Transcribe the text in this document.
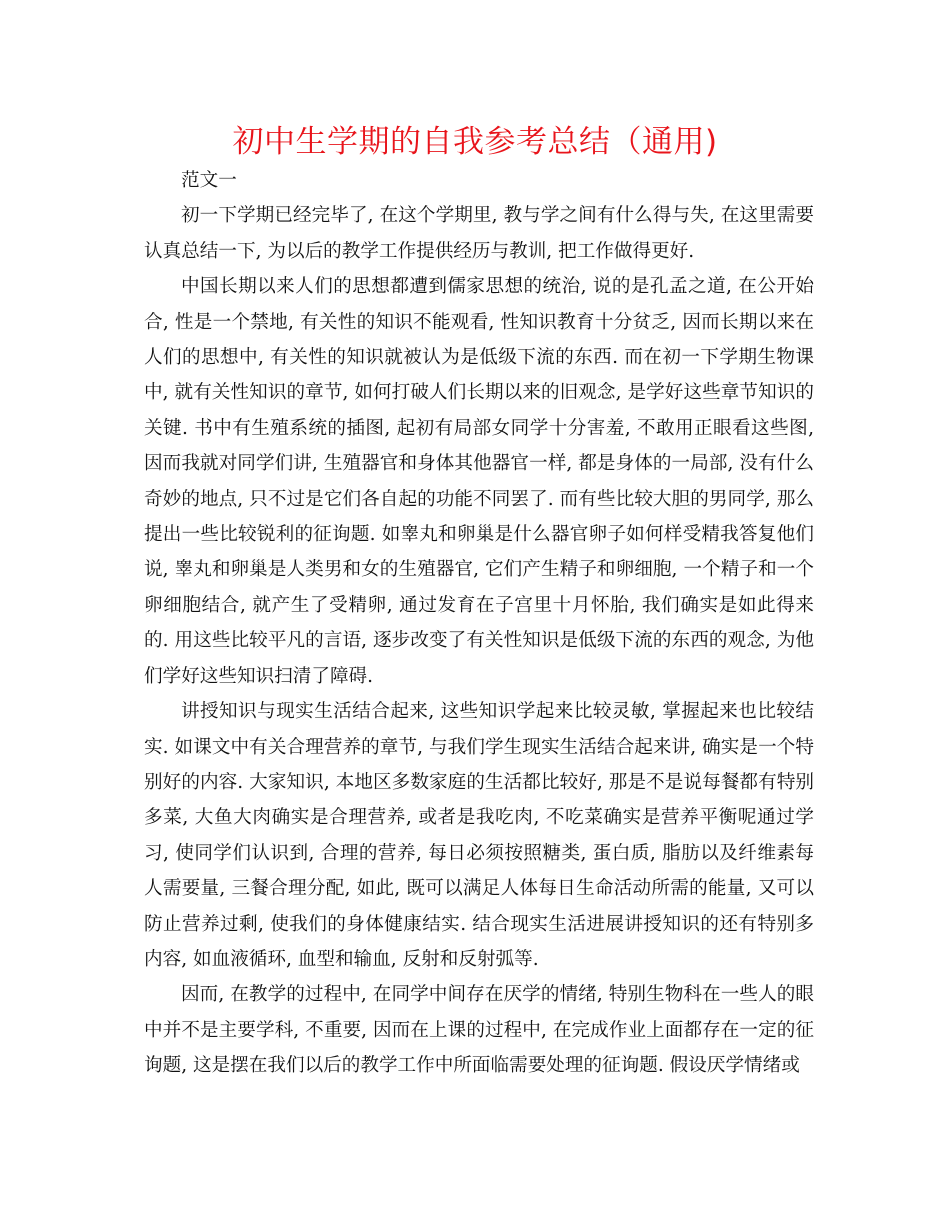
初中生学期的自我参考总结（通用)

范文一

初一下学期已经完毕了, 在这个学期里, 教与学之间有什么得与失, 在这里需要认真总结一下, 为以后的教学工作提供经历与教训, 把工作做得更好.

中国长期以来人们的思想都遭到儒家思想的统治, 说的是孔孟之道, 在公开始合, 性是一个禁地, 有关性的知识不能观看, 性知识教育十分贫乏, 因而长期以来在人们的思想中, 有关性的知识就被认为是低级下流的东西. 而在初一下学期生物课中, 就有关性知识的章节, 如何打破人们长期以来的旧观念, 是学好这些章节知识的关键. 书中有生殖系统的插图, 起初有局部女同学十分害羞, 不敢用正眼看这些图, 因而我就对同学们讲, 生殖器官和身体其他器官一样, 都是身体的一局部, 没有什么奇妙的地点, 只不过是它们各自起的功能不同罢了. 而有些比较大胆的男同学, 那么提出一些比较锐利的征询题. 如睾丸和卵巢是什么器官卵子如何样受精我答复他们说, 睾丸和卵巢是人类男和女的生殖器官, 它们产生精子和卵细胞, 一个精子和一个卵细胞结合, 就产生了受精卵, 通过发育在子宫里十月怀胎, 我们确实是如此得来的. 用这些比较平凡的言语, 逐步改变了有关性知识是低级下流的东西的观念, 为他们学好这些知识扫清了障碍.

讲授知识与现实生活结合起来, 这些知识学起来比较灵敏, 掌握起来也比较结实. 如课文中有关合理营养的章节, 与我们学生现实生活结合起来讲, 确实是一个特别好的内容. 大家知识, 本地区多数家庭的生活都比较好, 那是不是说每餐都有特别多菜, 大鱼大肉确实是合理营养, 或者是我吃肉, 不吃菜确实是营养平衡呢通过学习, 使同学们认识到, 合理的营养, 每日必须按照糖类, 蛋白质, 脂肪以及纤维素每人需要量, 三餐合理分配, 如此, 既可以满足人体每日生命活动所需的能量, 又可以防止营养过剩, 使我们的身体健康结实. 结合现实生活进展讲授知识的还有特别多内容, 如血液循环, 血型和输血, 反射和反射弧等.

因而, 在教学的过程中, 在同学中间存在厌学的情绪, 特别生物科在一些人的眼中并不是主要学科, 不重要, 因而在上课的过程中, 在完成作业上面都存在一定的征询题, 这是摆在我们以后的教学工作中所面临需要处理的征询题. 假设厌学情绪或
